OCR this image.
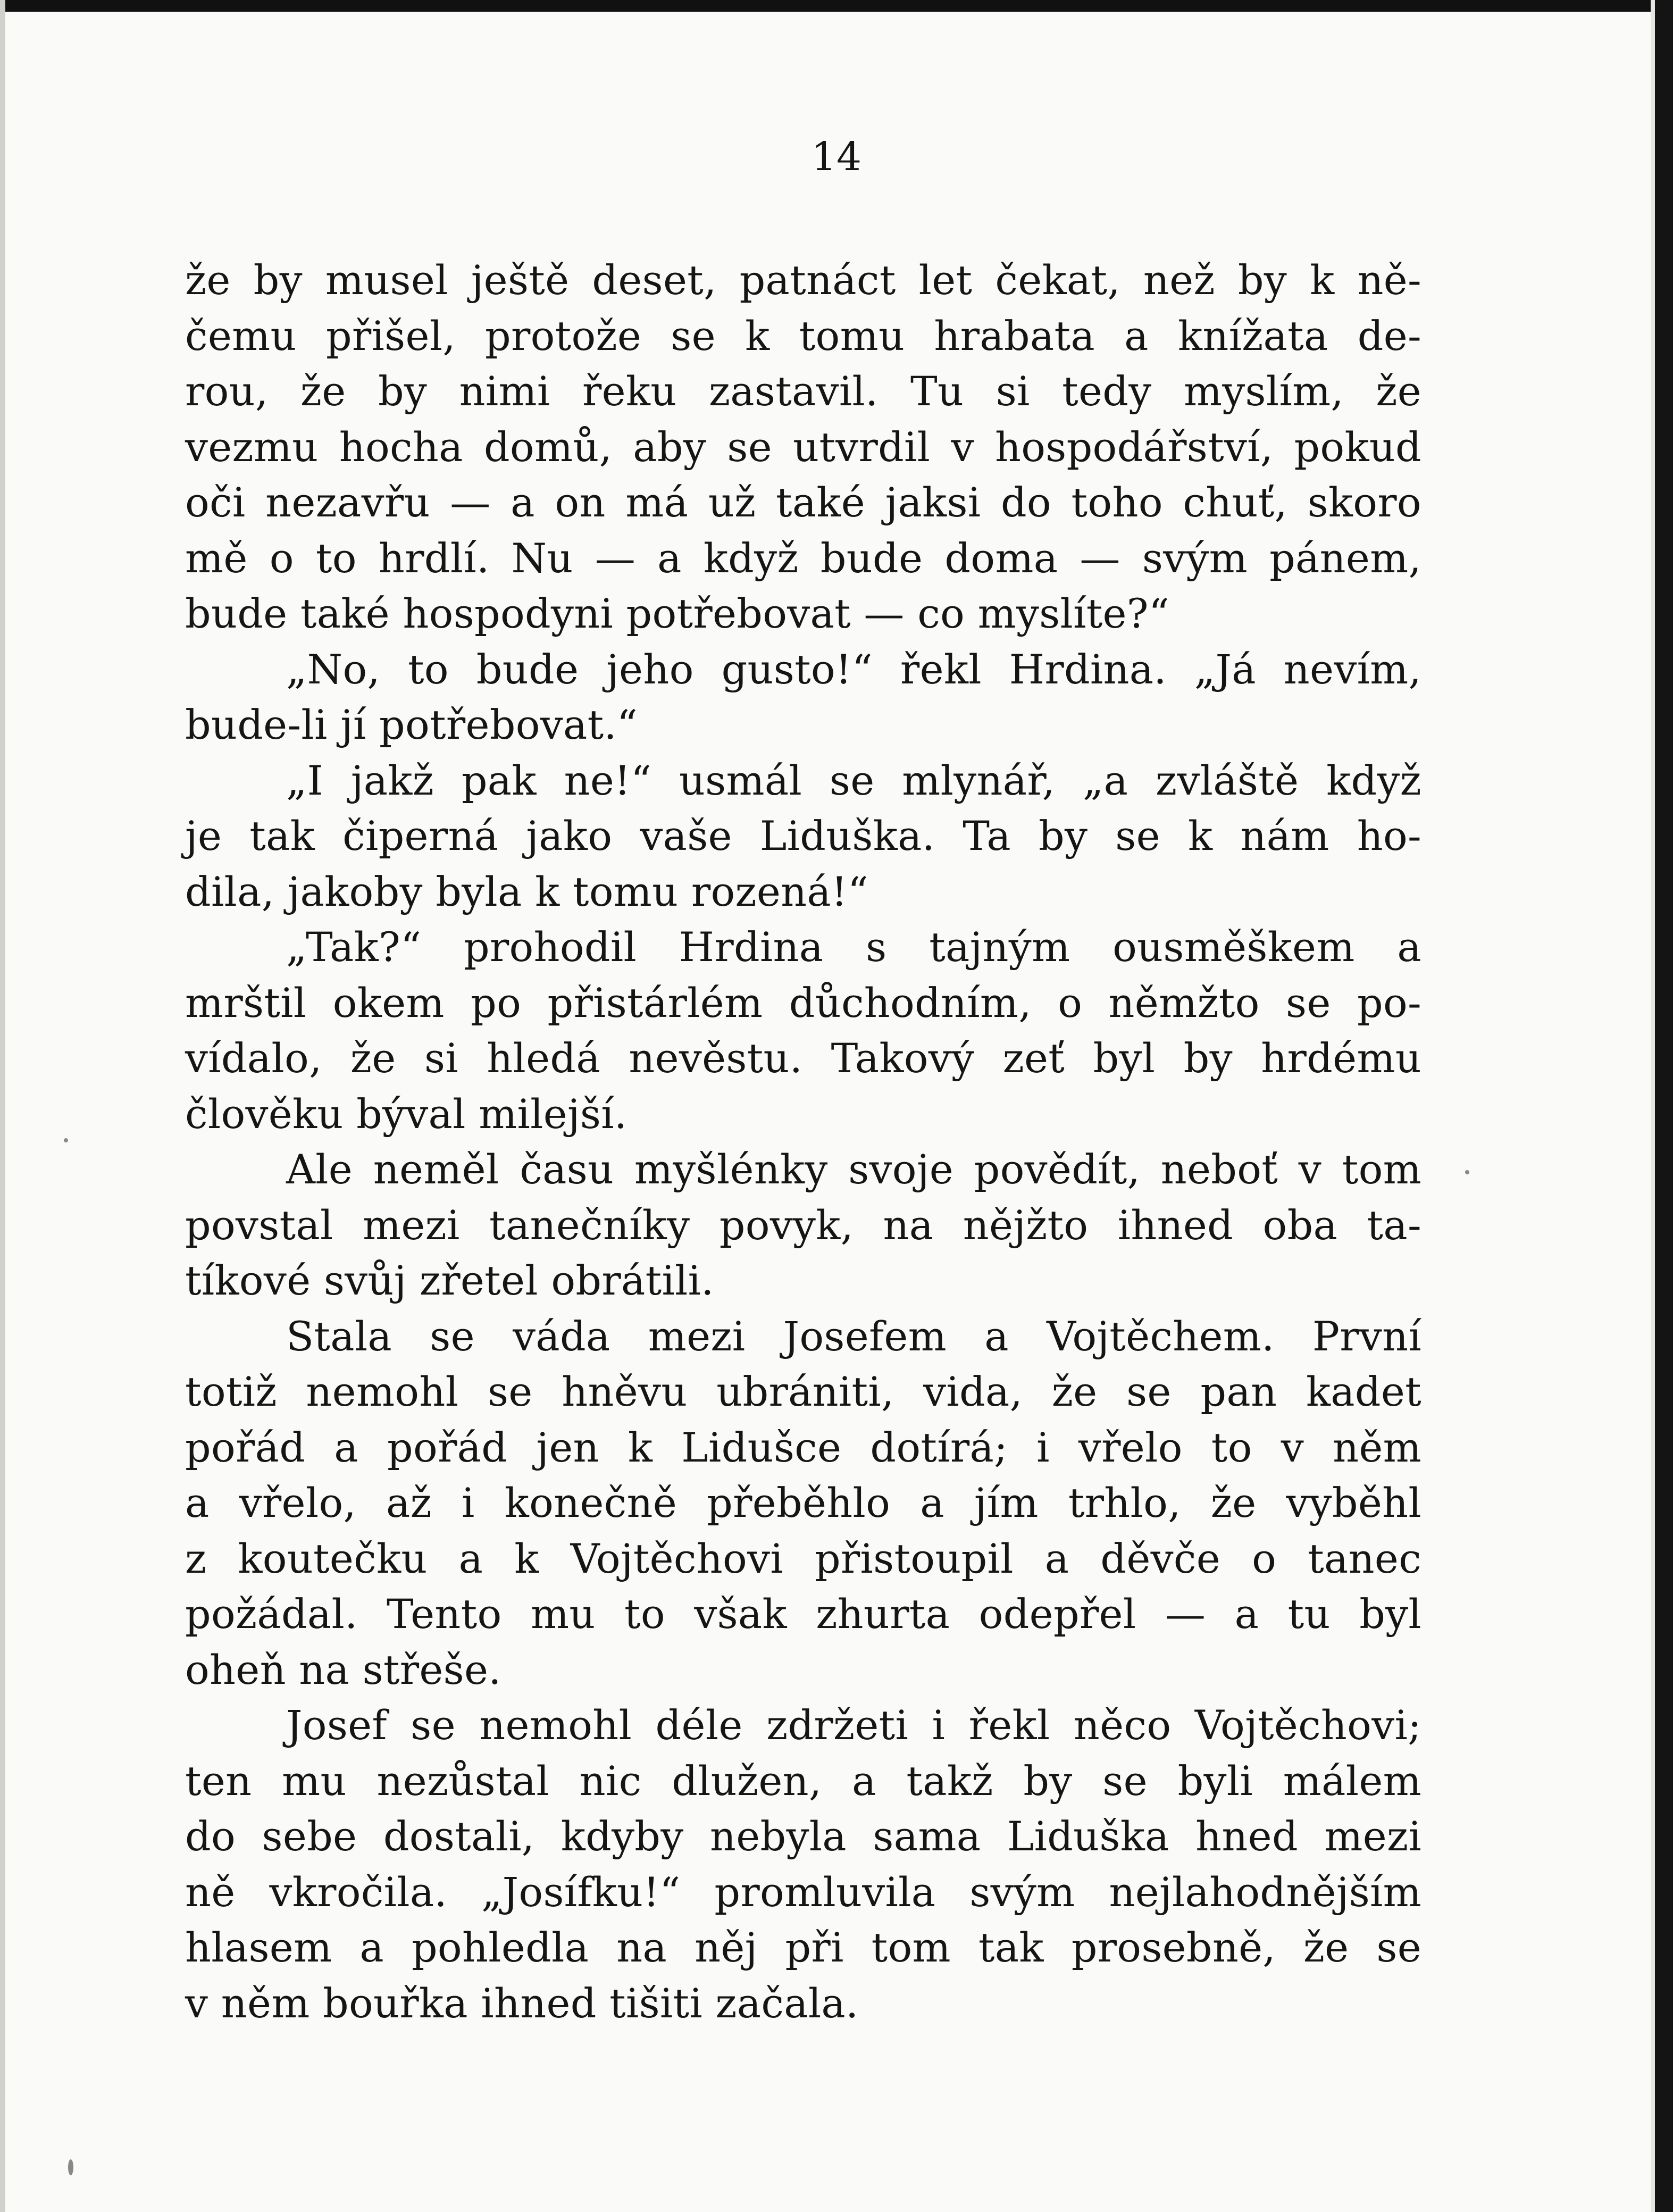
14
že by musel ještě deset, patnáct let čekat, než by k ně-
čemu přišel, protože se k tomu hrabata a knížata de-
rou, že by nimi řeku zastavil. Tu si tedy myslím, že
vezmu hocha domů, aby se utvrdil v hospodářství, pokud
oči nezavřu — a on má už také jaksi do toho chuť, skoro
mě o to hrdlí. Nu — a když bude doma — svým pánem,
bude také hospodyni potřebovat — co myslíte?“
„No, to bude jeho gusto!“ řekl Hrdina. „Já nevím,
bude-li jí potřebovat.“
„I jakž pak ne!“ usmál se mlynář, „a zvláště když
je tak čiperná jako vaše Liduška. Ta by se k nám ho-
dila, jakoby byla k tomu rozená!“
„Tak?“ prohodil Hrdina s tajným ousměškem a
mrštil okem po přistárlém důchodním, o němžto se po-
vídalo, že si hledá nevěstu. Takový zeť byl by hrdému
člověku býval milejší.
Ale neměl času myšlénky svoje povědít, neboť v tom
povstal mezi tanečníky povyk, na nějžto ihned oba ta-
tíkové svůj zřetel obrátili.
Stala se váda mezi Josefem a Vojtěchem. První
totiž nemohl se hněvu ubrániti, vida, že se pan kadet
pořád a pořád jen k Lidušce dotírá; i vřelo to v něm
a vřelo, až i konečně přeběhlo a jím trhlo, že vyběhl
z koutečku a k Vojtěchovi přistoupil a děvče o tanec
požádal. Tento mu to však zhurta odepřel — a tu byl
oheň na střeše.
Josef se nemohl déle zdržeti i řekl něco Vojtěchovi;
ten mu nezůstal nic dlužen, a takž by se byli málem
do sebe dostali, kdyby nebyla sama Liduška hned mezi
ně vkročila. „Josífku!“ promluvila svým nejlahodnějším
hlasem a pohledla na něj při tom tak prosebně, že se
v něm bouřka ihned tišiti začala.
